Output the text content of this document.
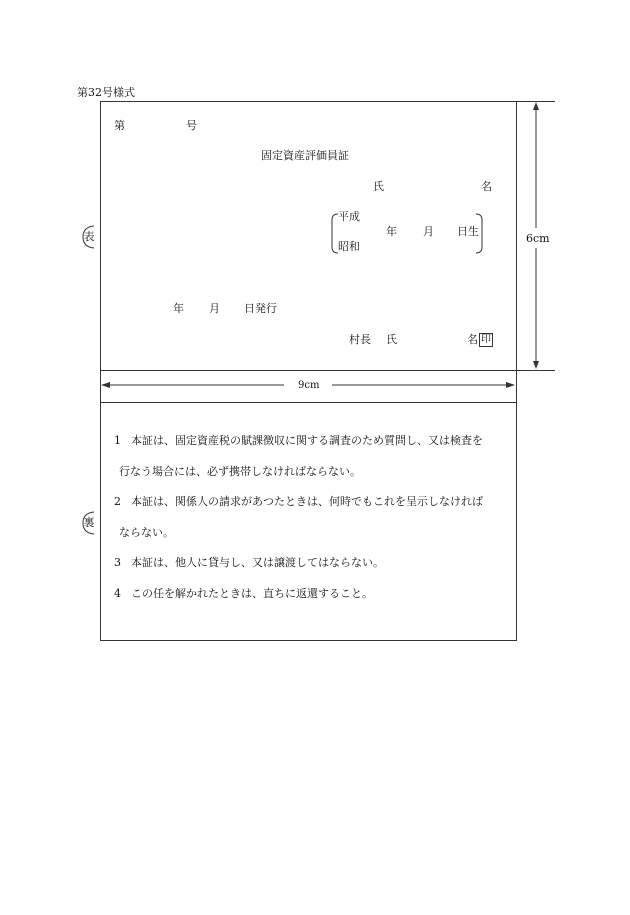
第32号様式
表
第	号
固定資産評価員証
氏	名
平成
昭和
年 月 日生
年 月 日発行
村長 氏	名 印
6cm
9cm
裏
1 本証は、固定資産税の賦課徴収に関する調査のため質問し、又は検査を
行なう場合には、必ず携帯しなければならない。
2 本証は、関係人の請求があつたときは、何時でもこれを呈示しなければ
ならない。
3 本証は、他人に貸与し、又は譲渡してはならない。
4 この任を解かれたときは、直ちに返還すること。
